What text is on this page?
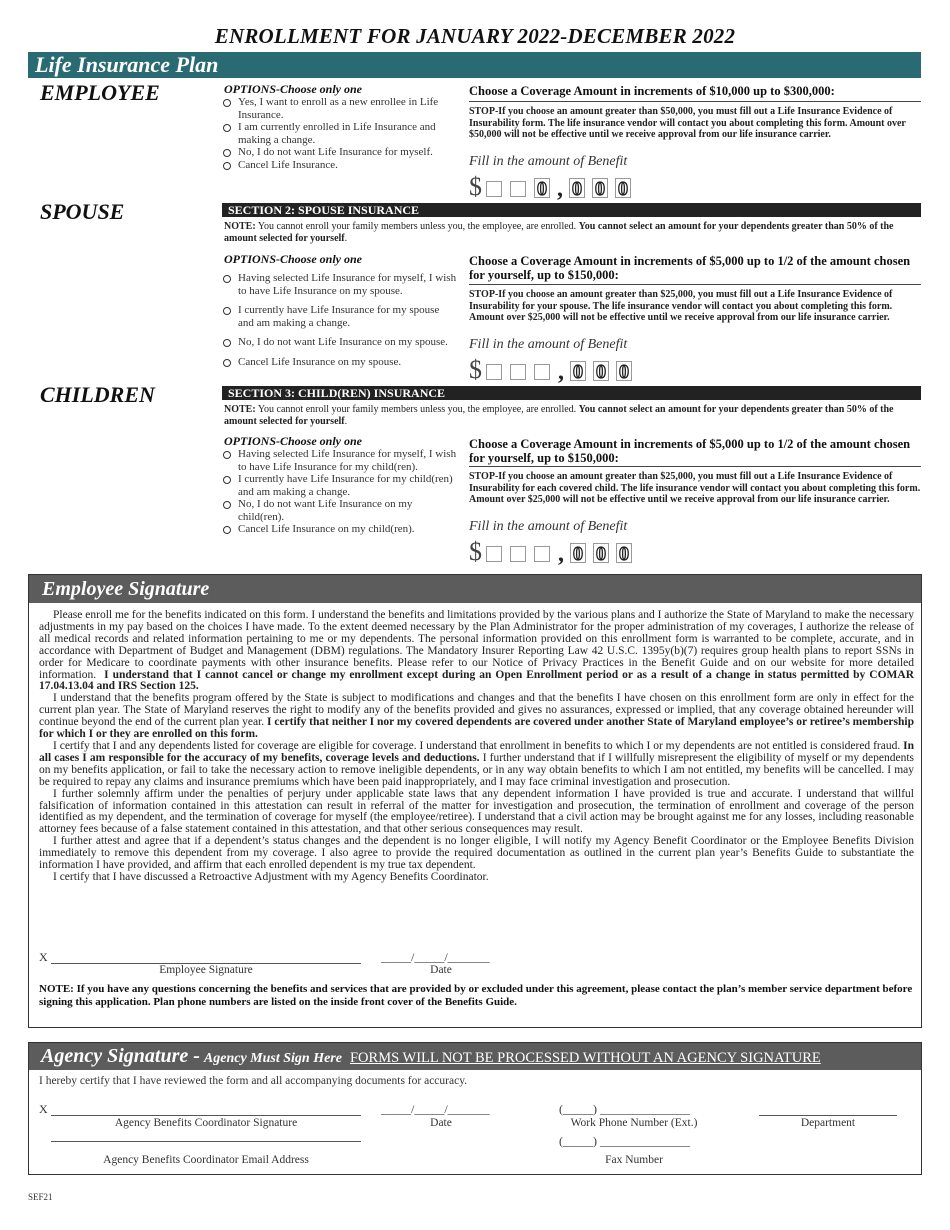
ENROLLMENT FOR JANUARY 2022-DECEMBER 2022
Life Insurance Plan
EMPLOYEE	OPTIONS-Choose only one
Yes, I want to enroll as a new enrollee in Life Insurance.
I am currently enrolled in Life Insurance and making a change.
No, I do not want Life Insurance for myself.
Cancel Life Insurance.
Choose a Coverage Amount in increments of $10,000 up to $300,000:
STOP-If you choose an amount greater than $50,000, you must fill out a Life Insurance Evidence of Insurability form. The life insurance vendor will contact you about completing this form. Amount over $50,000 will not be effective until we receive approval from our life insurance carrier.
Fill in the amount of Benefit
$	0 , 0 0 0
SPOUSE	SECTION 2: SPOUSE INSURANCE
NOTE: You cannot enroll your family members unless you, the employee, are enrolled. You cannot select an amount for your dependents greater than 50% of the amount selected for yourself.
OPTIONS-Choose only one
Having selected Life Insurance for myself, I wish to have Life Insurance on my spouse.
I currently have Life Insurance for my spouse and am making a change.
No, I do not want Life Insurance on my spouse.
Cancel Life Insurance on my spouse.
Choose a Coverage Amount in increments of $5,000 up to 1/2 of the amount chosen for yourself, up to $150,000:
STOP-If you choose an amount greater than $25,000, you must fill out a Life Insurance Evidence of Insurability for your spouse. The life insurance vendor will contact you about completing this form. Amount over $25,000 will not be effective until we receive approval from our life insurance carrier.
Fill in the amount of Benefit
$	, 0 0 0
CHILDREN	SECTION 3: CHILD(REN) INSURANCE
NOTE: You cannot enroll your family members unless you, the employee, are enrolled. You cannot select an amount for your dependents greater than 50% of the amount selected for yourself.
OPTIONS-Choose only one
Having selected Life Insurance for myself, I wish to have Life Insurance for my child(ren).
I currently have Life Insurance for my child(ren) and am making a change.
No, I do not want Life Insurance on my child(ren).
Cancel Life Insurance on my child(ren).
Choose a Coverage Amount in increments of $5,000 up to 1/2 of the amount chosen for yourself, up to $150,000:
STOP-If you choose an amount greater than $25,000, you must fill out a Life Insurance Evidence of Insurability for each covered child. The life insurance vendor will contact you about completing this form. Amount over $25,000 will not be effective until we receive approval from our life insurance carrier.
Fill in the amount of Benefit
$	, 0 0 0
Employee Signature

Please enroll me for the benefits indicated on this form. I understand the benefits and limitations provided by the various plans and I authorize the State of Maryland to make the necessary adjustments in my pay based on the choices I have made. To the extent deemed necessary by the Plan Administrator for the proper administration of my coverages, I authorize the release of all medical records and related information pertaining to me or my dependents. The personal information provided on this enrollment form is warranted to be complete, accurate, and in accordance with Department of Budget and Management (DBM) regulations. The Mandatory Insurer Reporting Law 42 U.S.C. 1395y(b)(7) requires group health plans to report SSNs in order for Medicare to coordinate payments with other insurance benefits. Please refer to our Notice of Privacy Practices in the Benefit Guide and on our website for more detailed information. I understand that I cannot cancel or change my enrollment except during an Open Enrollment period or as a result of a change in status permitted by COMAR 17.04.13.04 and IRS Section 125.

I understand that the benefits program offered by the State is subject to modifications and changes and that the benefits I have chosen on this enrollment form are only in effect for the current plan year. The State of Maryland reserves the right to modify any of the benefits provided and gives no assurances, expressed or implied, that any coverage obtained hereunder will continue beyond the end of the current plan year. I certify that neither I nor my covered dependents are covered under another State of Maryland employee’s or retiree’s membership for which I or they are enrolled on this form.

I certify that I and any dependents listed for coverage are eligible for coverage. I understand that enrollment in benefits to which I or my dependents are not entitled is considered fraud. In all cases I am responsible for the accuracy of my benefits, coverage levels and deductions. I further understand that if I willfully misrepresent the eligibility of myself or my dependents on my benefits application, or fail to take the necessary action to remove ineligible dependents, or in any way obtain benefits to which I am not entitled, my benefits will be cancelled. I may be required to repay any claims and insurance premiums which have been paid inappropriately, and I may face criminal investigation and prosecution.

I further solemnly affirm under the penalties of perjury under applicable state laws that any dependent information I have provided is true and accurate. I understand that willful falsification of information contained in this attestation can result in referral of the matter for investigation and prosecution, the termination of enrollment and coverage of the person identified as my dependent, and the termination of coverage for myself (the employee/retiree). I understand that a civil action may be brought against me for any losses, including reasonable attorney fees because of a false statement contained in this attestation, and that other serious consequences may result.

I further attest and agree that if a dependent’s status changes and the dependent is no longer eligible, I will notify my Agency Benefit Coordinator or the Employee Benefits Division immediately to remove this dependent from my coverage. I also agree to provide the required documentation as outlined in the current plan year’s Benefits Guide to substantiate the information I have provided, and affirm that each enrolled dependent is my true tax dependent.

I certify that I have discussed a Retroactive Adjustment with my Agency Benefits Coordinator.

X	_____/_____/_______
Employee Signature	Date
NOTE: If you have any questions concerning the benefits and services that are provided by or excluded under this agreement, please contact the plan’s member service department before signing this application. Plan phone numbers are listed on the inside front cover of the Benefits Guide.
Agency Signature - Agency Must Sign Here FORMS WILL NOT BE PROCESSED WITHOUT AN AGENCY SIGNATURE
I hereby certify that I have reviewed the form and all accompanying documents for accuracy.
X	_____/_____/_______	(_____) _______________
Agency Benefits Coordinator Signature	Date	Work Phone Number (Ext.)	Department
(_____) _______________
Agency Benefits Coordinator Email Address	Fax Number
SEF21
